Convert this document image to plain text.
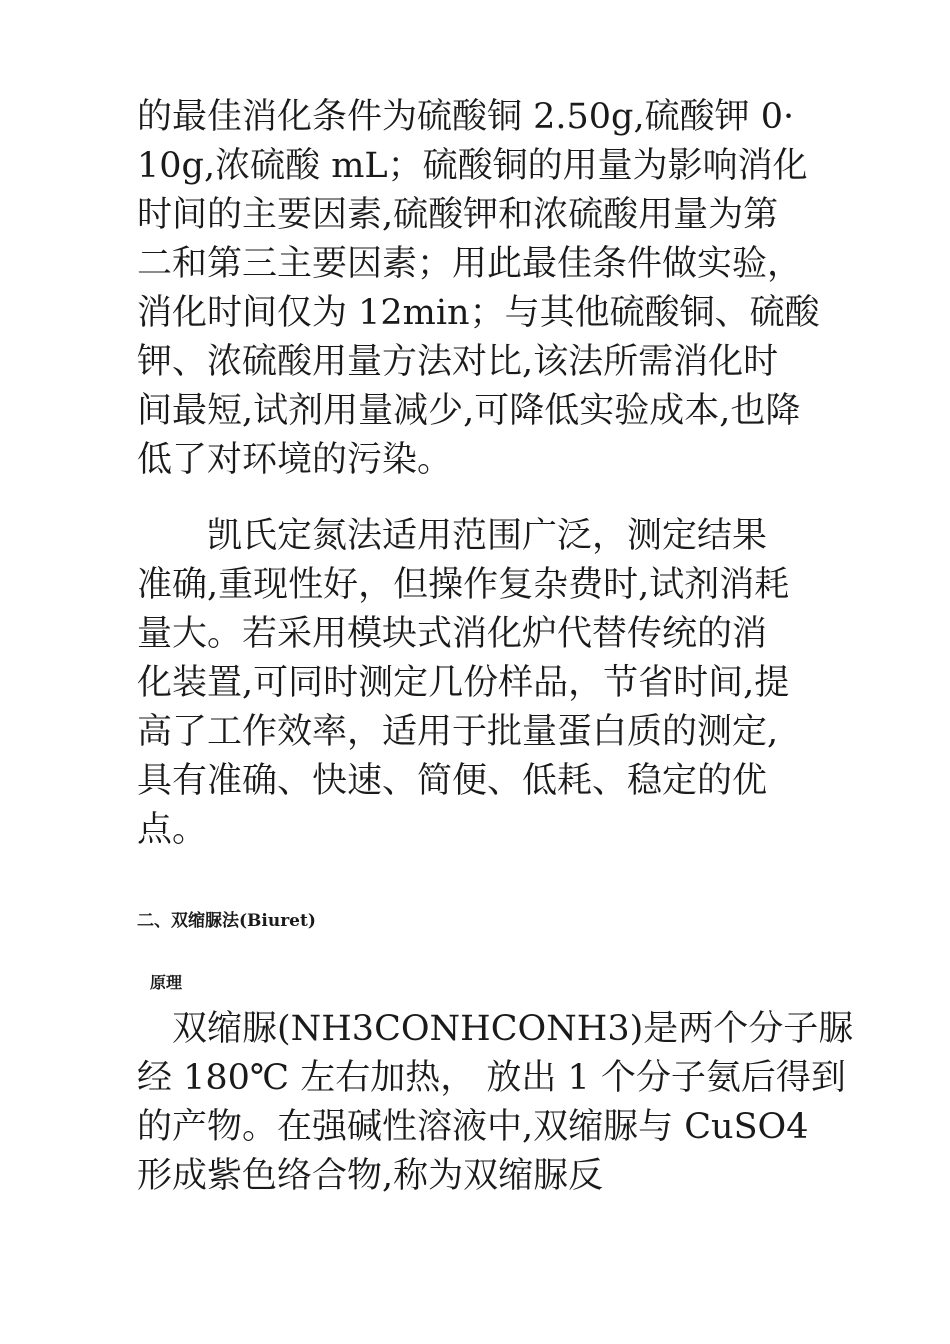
的最佳消化条件为硫酸铜 2.50g,硫酸钾 0·
10g,浓硫酸 mL；硫酸铜的用量为影响消化
时间的主要因素,硫酸钾和浓硫酸用量为第
二和第三主要因素；用此最佳条件做实验，
消化时间仅为 12min；与其他硫酸铜、硫酸
钾、浓硫酸用量方法对比,该法所需消化时
间最短,试剂用量减少,可降低实验成本,也降
低了对环境的污染。

　　凯氏定氮法适用范围广泛，测定结果
准确,重现性好，但操作复杂费时,试剂消耗
量大。若采用模块式消化炉代替传统的消
化装置,可同时测定几份样品，节省时间,提
高了工作效率，适用于批量蛋白质的测定,
具有准确、快速、简便、低耗、稳定的优
点。

二、双缩脲法(Biuret)
原理

　双缩脲(NH3CONHCONH3)是两个分子脲
经 180℃ 左右加热， 放出 1 个分子氨后得到
的产物。在强碱性溶液中,双缩脲与 CuSO4
形成紫色络合物,称为双缩脲反
